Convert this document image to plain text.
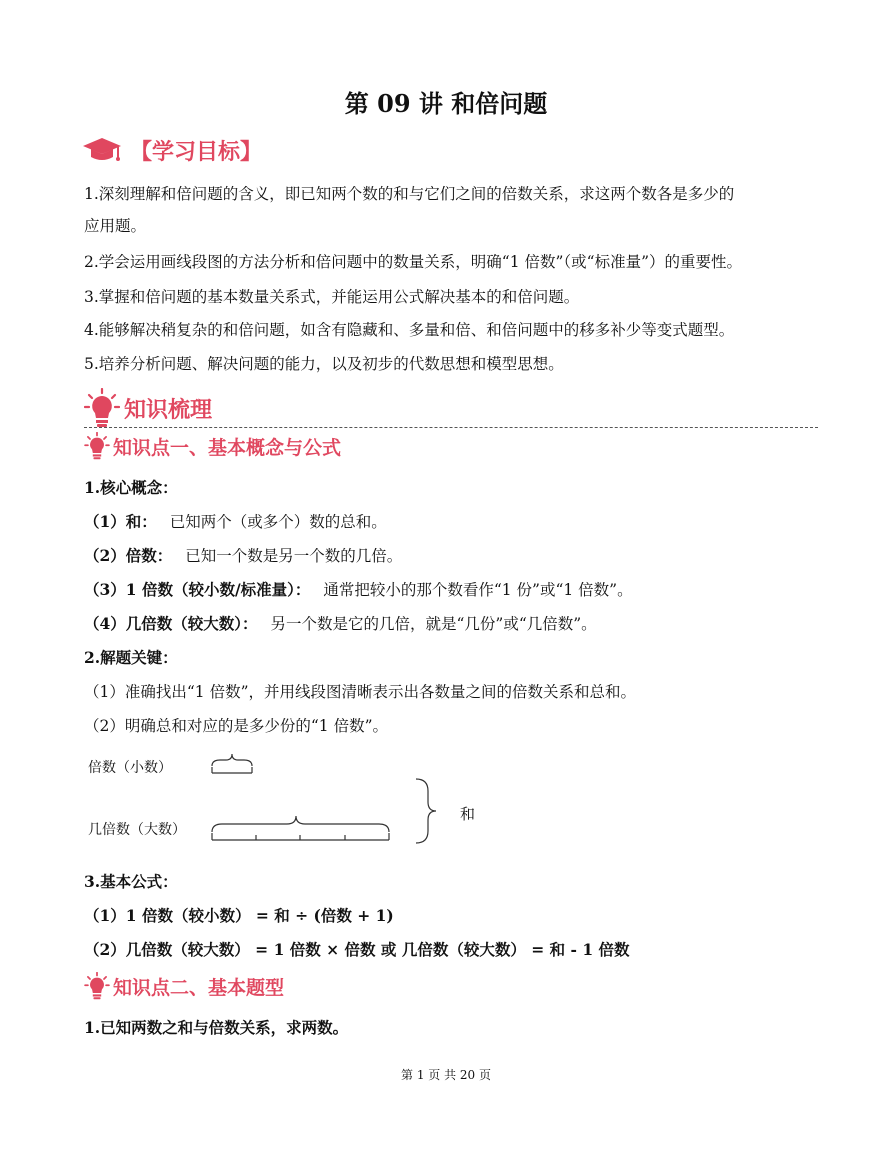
第 09 讲 和倍问题
【学习目标】
1.深刻理解和倍问题的含义，即已知两个数的和与它们之间的倍数关系，求这两个数各是多少的
应用题。
2.学会运用画线段图的方法分析和倍问题中的数量关系，明确“1 倍数”（或“标准量”）的重要性。
3.掌握和倍问题的基本数量关系式，并能运用公式解决基本的和倍问题。
4.能够解决稍复杂的和倍问题，如含有隐藏和、多量和倍、和倍问题中的移多补少等变式题型。
5.培养分析问题、解决问题的能力，以及初步的代数思想和模型思想。
知识梳理
知识点一、基本概念与公式
1.核心概念：
（1）和： 已知两个（或多个）数的总和。
（2）倍数： 已知一个数是另一个数的几倍。
（3）1 倍数（较小数/标准量）： 通常把较小的那个数看作“1 份”或“1 倍数”。
（4）几倍数（较大数）： 另一个数是它的几倍，就是“几份”或“几倍数”。
2.解题关键：
（1）准确找出“1 倍数”，并用线段图清晰表示出各数量之间的倍数关系和总和。
（2）明确总和对应的是多少份的“1 倍数”。
倍数（小数）
几倍数（大数）
和
3.基本公式：
（1）1 倍数（较小数） = 和 ÷ (倍数 + 1)
（2）几倍数（较大数） = 1 倍数 × 倍数 或 几倍数（较大数） = 和 - 1 倍数
知识点二、基本题型
1.已知两数之和与倍数关系，求两数。
第 1 页 共 20 页
